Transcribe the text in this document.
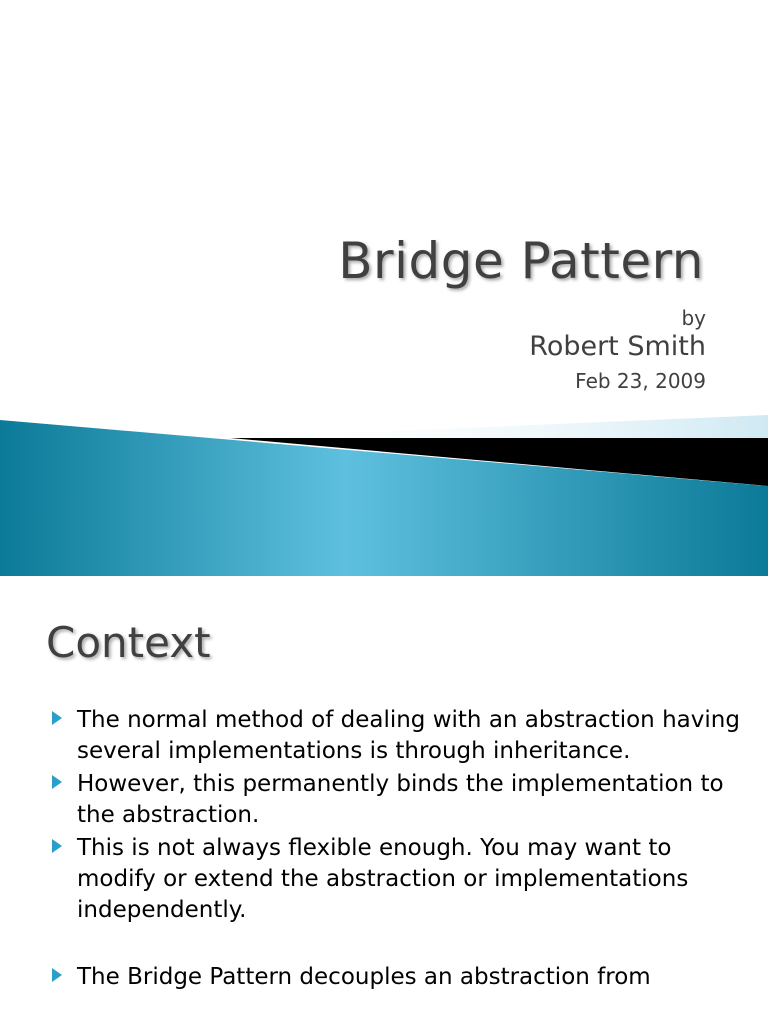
Bridge Pattern
by
Robert Smith
Feb 23, 2009
Context
The normal method of dealing with an abstraction having several implementations is through inheritance.
However, this permanently binds the implementation to the abstraction.
This is not always flexible enough. You may want to modify or extend the abstraction or implementations independently.
The Bridge Pattern decouples an abstraction from
